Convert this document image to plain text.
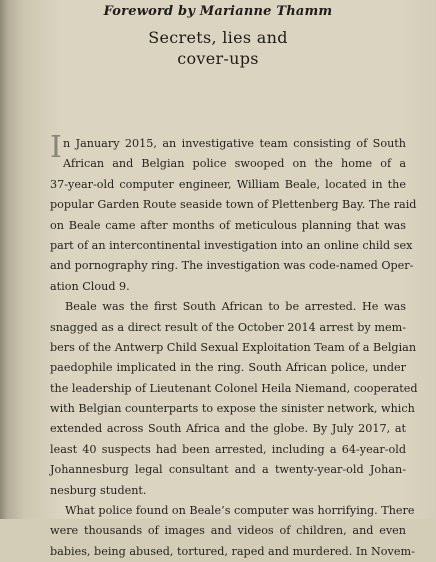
Foreword by Marianne Thamm
Secrets, lies and
cover-ups
I n January 2015, an investigative team consisting of South
African and Belgian police swooped on the home of a
37-year-old computer engineer, William Beale, located in the
popular Garden Route seaside town of Plettenberg Bay. The raid
on Beale came after months of meticulous planning that was
part of an intercontinental investigation into an online child sex
and pornography ring. The investigation was code-named Oper-
ation Cloud 9.
Beale was the first South African to be arrested. He was
snagged as a direct result of the October 2014 arrest by mem-
bers of the Antwerp Child Sexual Exploitation Team of a Belgian
paedophile implicated in the ring. South African police, under
the leadership of Lieutenant Colonel Heila Niemand, cooperated
with Belgian counterparts to expose the sinister network, which
extended across South Africa and the globe. By July 2017, at
least 40 suspects had been arrested, including a 64-year-old
Johannesburg legal consultant and a twenty-year-old Johan-
nesburg student.
What police found on Beale’s computer was horrifying. There
were thousands of images and videos of children, and even
babies, being abused, tortured, raped and murdered. In Novem-
